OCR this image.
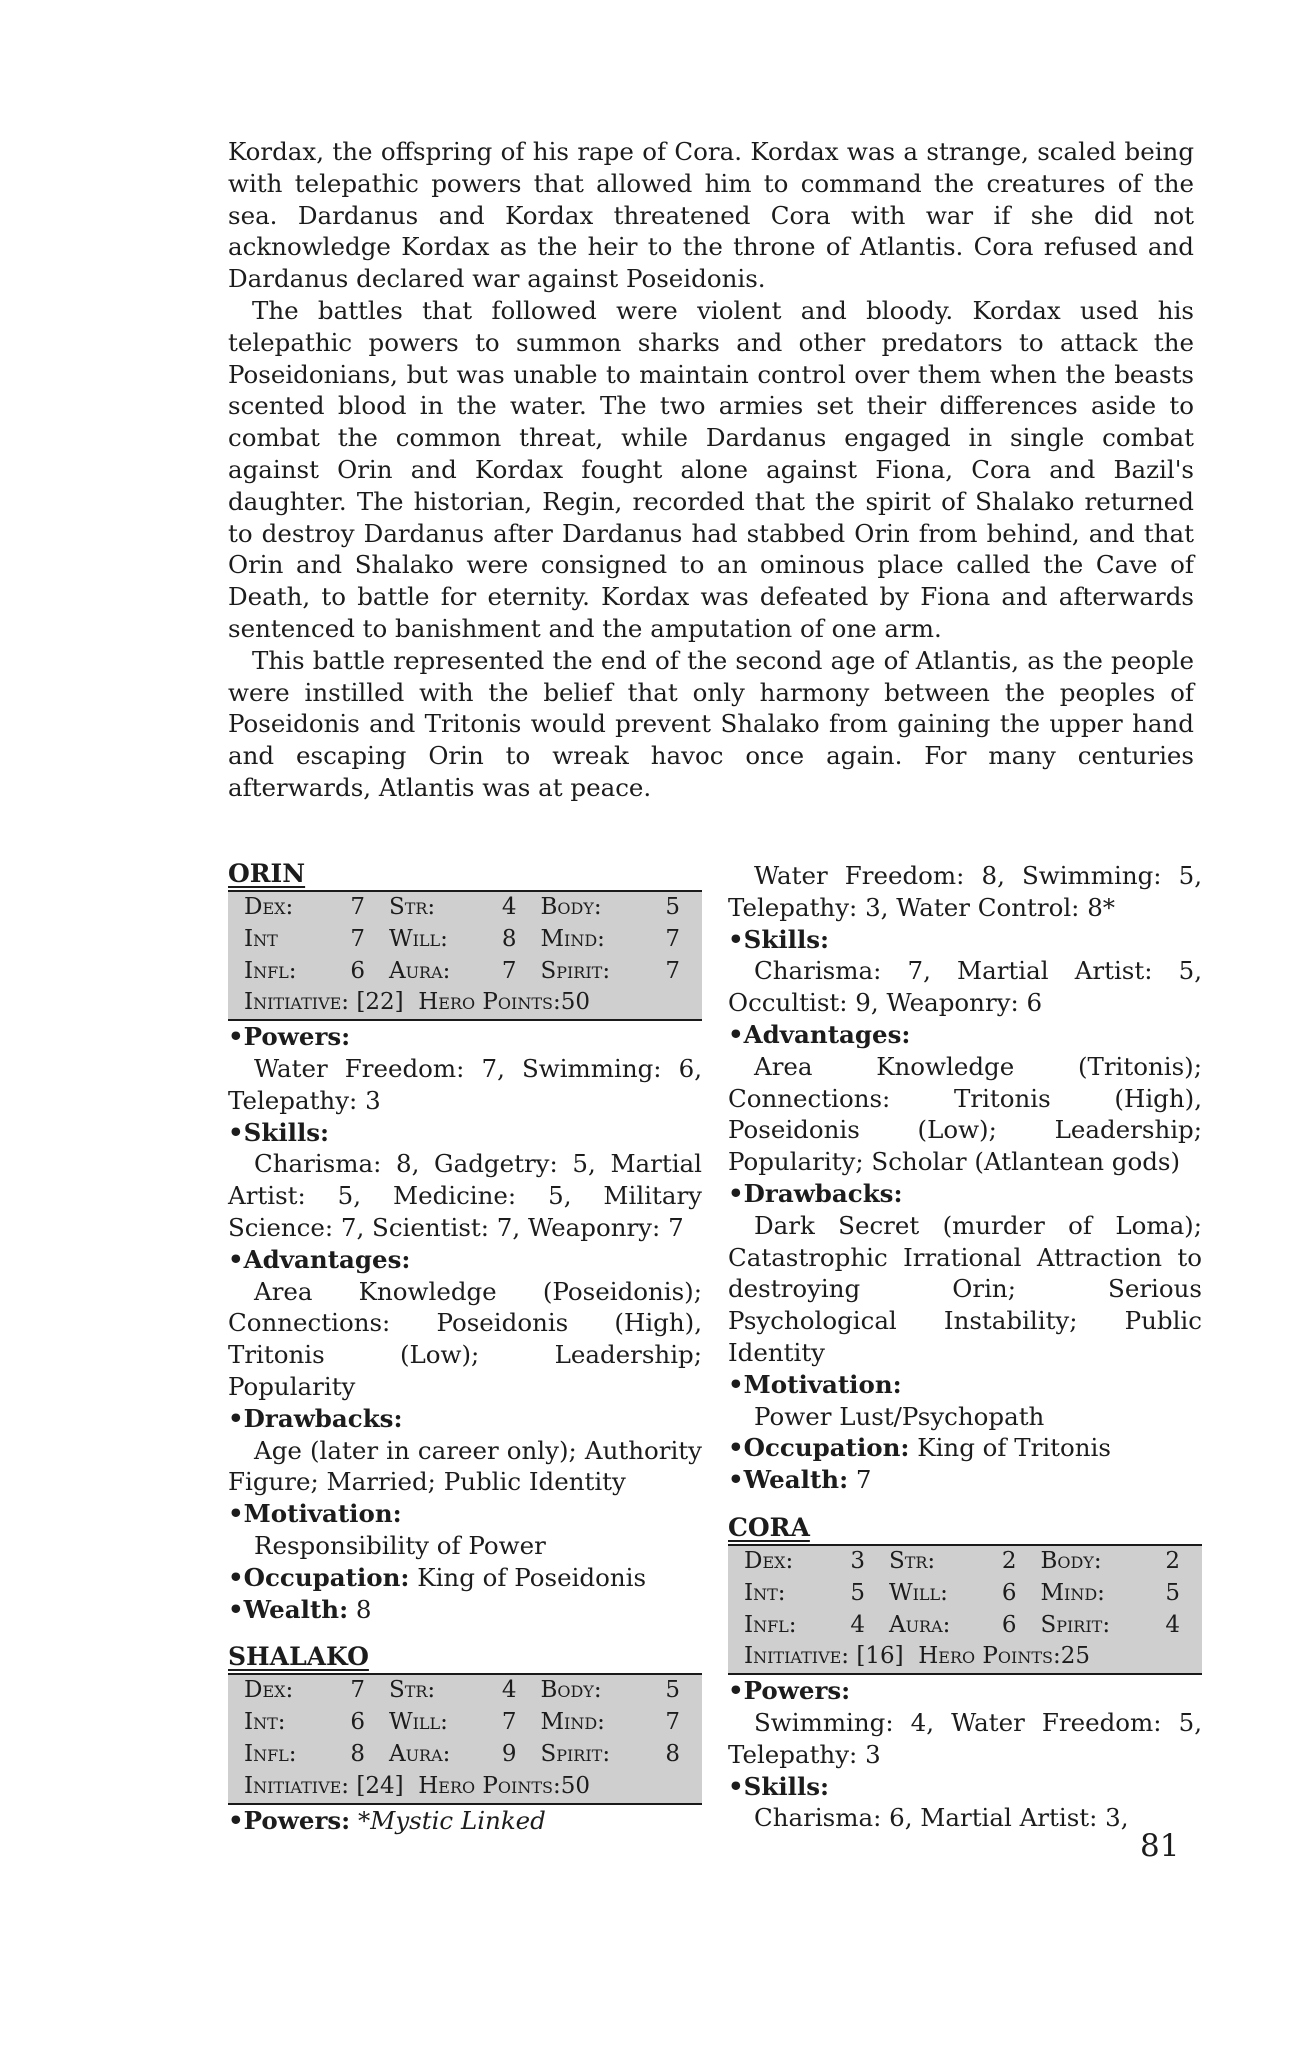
Kordax, the offspring of his rape of Cora. Kordax was a strange, scaled being with telepathic powers that allowed him to command the creatures of the sea. Dardanus and Kordax threatened Cora with war if she did not acknowledge Kordax as the heir to the throne of Atlantis. Cora refused and Dardanus declared war against Poseidonis.

The battles that followed were violent and bloody. Kordax used his telepathic powers to summon sharks and other predators to attack the Poseidonians, but was unable to maintain control over them when the beasts scented blood in the water. The two armies set their differences aside to combat the common threat, while Dardanus engaged in single combat against Orin and Kordax fought alone against Fiona, Cora and Bazil's daughter. The historian, Regin, recorded that the spirit of Shalako returned to destroy Dardanus after Dardanus had stabbed Orin from behind, and that Orin and Shalako were consigned to an ominous place called the Cave of Death, to battle for eternity. Kordax was defeated by Fiona and afterwards sentenced to banishment and the amputation of one arm.

This battle represented the end of the second age of Atlantis, as the people were instilled with the belief that only harmony between the peoples of Poseidonis and Tritonis would prevent Shalako from gaining the upper hand and escaping Orin to wreak havoc once again. For many centuries afterwards, Atlantis was at peace.

ORIN
Dex:	7	Str:	4	Body:	5
Int	7	Will:	8	Mind:	7
Infl:	6	Aura:	7	Spirit:	7
Initiative: [22] Hero Points:50					
•Powers:
Water Freedom: 7, Swimming: 6, Telepathy: 3
•Skills:
Charisma: 8, Gadgetry: 5, Martial Artist: 5, Medicine: 5, Military Science: 7, Scientist: 7, Weaponry: 7
•Advantages:
Area Knowledge (Poseidonis); Connections: Poseidonis (High), Tritonis (Low); Leadership; Popularity
•Drawbacks:
Age (later in career only); Authority Figure; Married; Public Identity
•Motivation:
Responsibility of Power
•Occupation: King of Poseidonis
•Wealth: 8
SHALAKO
Dex:	7	Str:	4	Body:	5
Int:	6	Will:	7	Mind:	7
Infl:	8	Aura:	9	Spirit:	8
Initiative: [24] Hero Points:50					
•Powers: *Mystic Linked
Water Freedom: 8, Swimming: 5, Telepathy: 3, Water Control: 8*
•Skills:
Charisma: 7, Martial Artist: 5, Occultist: 9, Weaponry: 6
•Advantages:
Area Knowledge (Tritonis); Connections: Tritonis (High), Poseidonis (Low); Leadership; Popularity; Scholar (Atlantean gods)
•Drawbacks:
Dark Secret (murder of Loma); Catastrophic Irrational Attraction to destroying Orin; Serious Psychological Instability; Public Identity
•Motivation:
Power Lust/Psychopath
•Occupation: King of Tritonis
•Wealth: 7
CORA
Dex:	3	Str:	2	Body:	2
Int:	5	Will:	6	Mind:	5
Infl:	4	Aura:	6	Spirit:	4
Initiative: [16] Hero Points:25					
•Powers:
Swimming: 4, Water Freedom: 5, Telepathy: 3
•Skills:
Charisma: 6, Martial Artist: 3,
81
